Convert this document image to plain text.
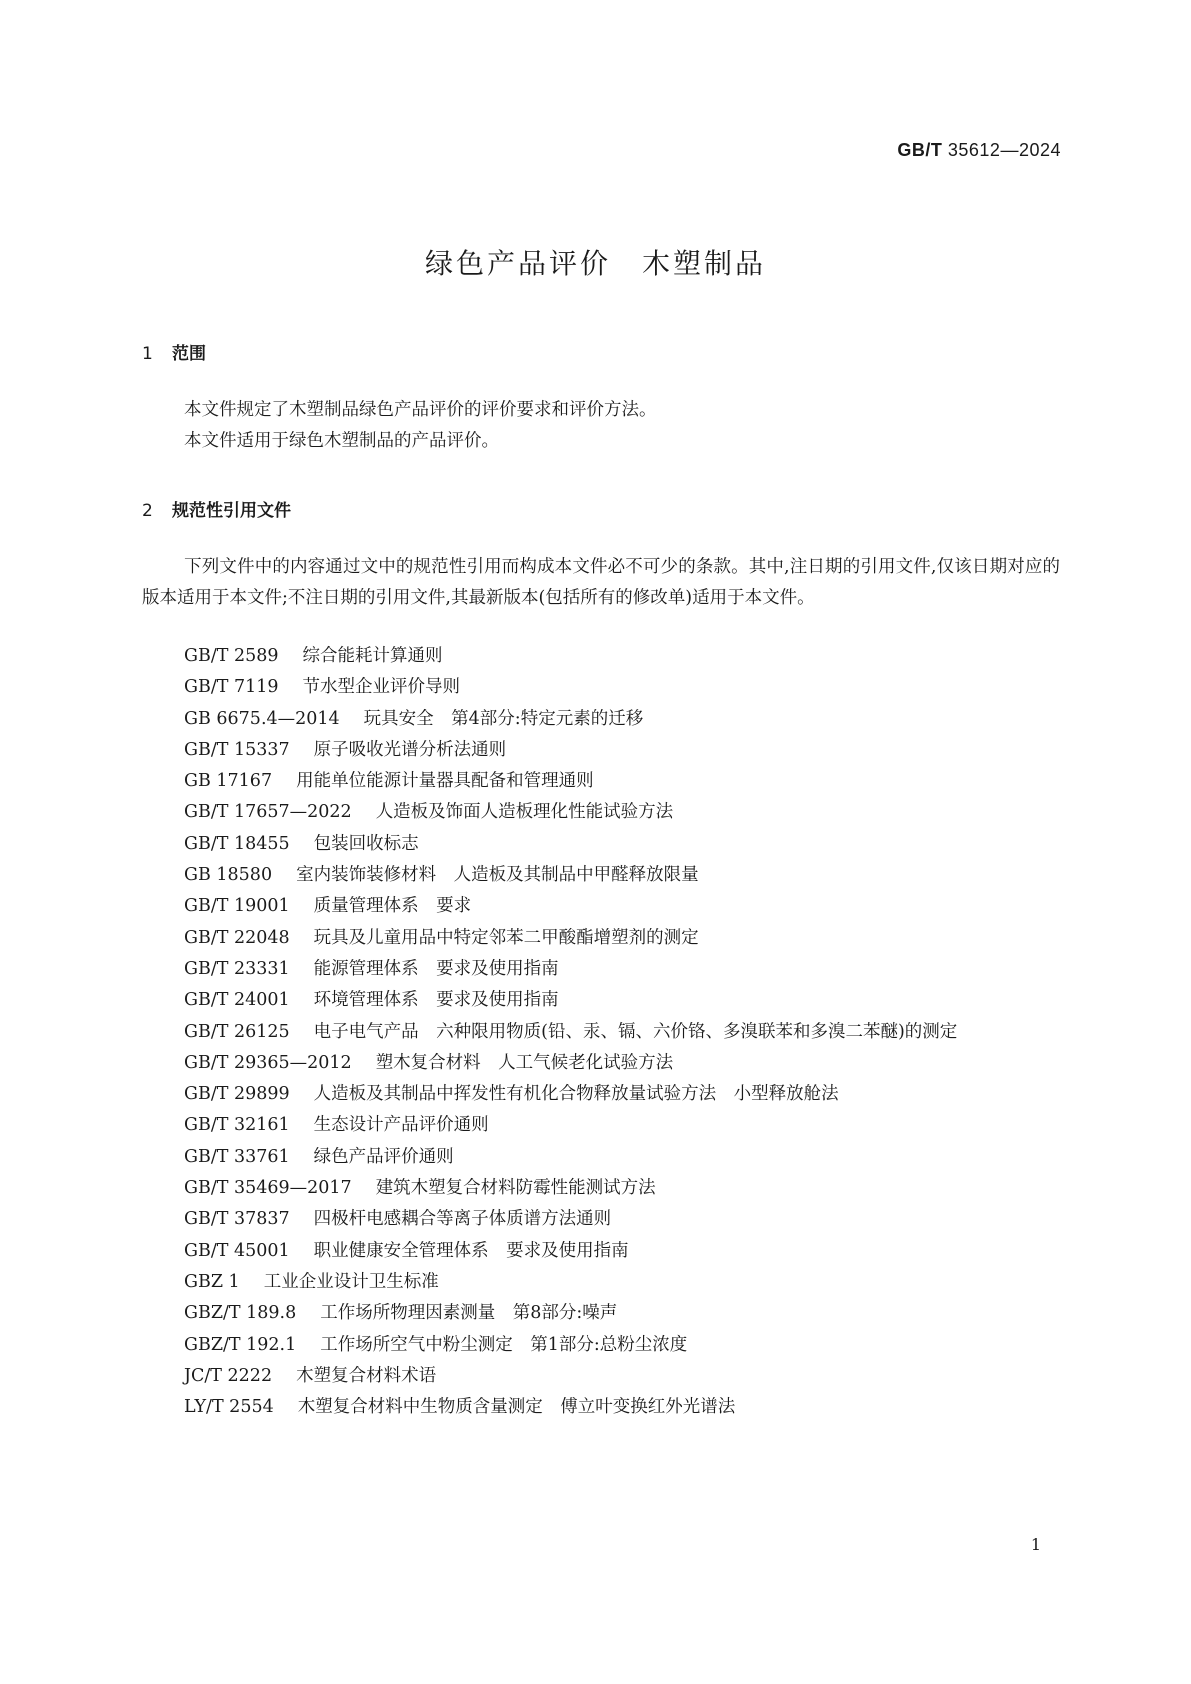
GB/T 35612—2024
绿色产品评价　木塑制品
1 范围
本文件规定了木塑制品绿色产品评价的评价要求和评价方法。
本文件适用于绿色木塑制品的产品评价。
2 规范性引用文件
下列文件中的内容通过文中的规范性引用而构成本文件必不可少的条款。其中,注日期的引用文件,仅该日期对应的版本适用于本文件;不注日期的引用文件,其最新版本(包括所有的修改单)适用于本文件。
GB/T 2589 综合能耗计算通则
GB/T 7119 节水型企业评价导则
GB 6675.4—2014 玩具安全　第4部分:特定元素的迁移
GB/T 15337 原子吸收光谱分析法通则
GB 17167 用能单位能源计量器具配备和管理通则
GB/T 17657—2022 人造板及饰面人造板理化性能试验方法
GB/T 18455 包装回收标志
GB 18580 室内装饰装修材料　人造板及其制品中甲醛释放限量
GB/T 19001 质量管理体系　要求
GB/T 22048 玩具及儿童用品中特定邻苯二甲酸酯增塑剂的测定
GB/T 23331 能源管理体系　要求及使用指南
GB/T 24001 环境管理体系　要求及使用指南
GB/T 26125 电子电气产品　六种限用物质(铅、汞、镉、六价铬、多溴联苯和多溴二苯醚)的测定
GB/T 29365—2012 塑木复合材料　人工气候老化试验方法
GB/T 29899 人造板及其制品中挥发性有机化合物释放量试验方法　小型释放舱法
GB/T 32161 生态设计产品评价通则
GB/T 33761 绿色产品评价通则
GB/T 35469—2017 建筑木塑复合材料防霉性能测试方法
GB/T 37837 四极杆电感耦合等离子体质谱方法通则
GB/T 45001 职业健康安全管理体系　要求及使用指南
GBZ 1 工业企业设计卫生标准
GBZ/T 189.8 工作场所物理因素测量　第8部分:噪声
GBZ/T 192.1 工作场所空气中粉尘测定　第1部分:总粉尘浓度
JC/T 2222 木塑复合材料术语
LY/T 2554 木塑复合材料中生物质含量测定　傅立叶变换红外光谱法
1
